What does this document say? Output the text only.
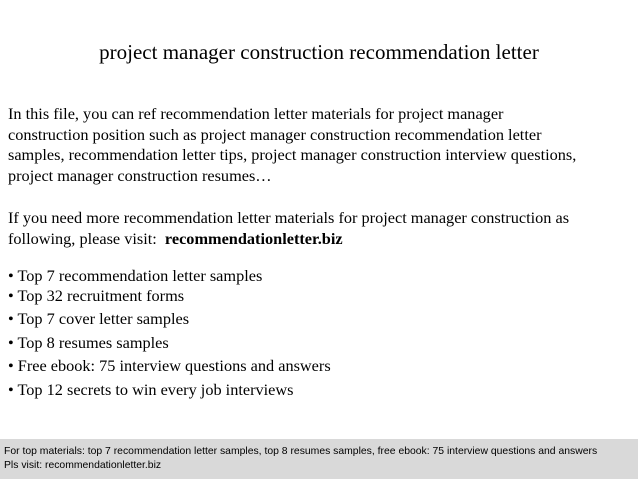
project manager construction recommendation letter
In this file, you can ref recommendation letter materials for project manager
construction position such as project manager construction recommendation letter
samples, recommendation letter tips, project manager construction interview questions,
project manager construction resumes…
If you need more recommendation letter materials for project manager construction as
following, please visit:  recommendationletter.biz
• Top 7 recommendation letter samples
• Top 32 recruitment forms
• Top 7 cover letter samples
• Top 8 resumes samples
• Free ebook: 75 interview questions and answers
• Top 12 secrets to win every job interviews
For top materials: top 7 recommendation letter samples, top 8 resumes samples, free ebook: 75 interview questions and answers
Pls visit: recommendationletter.biz
